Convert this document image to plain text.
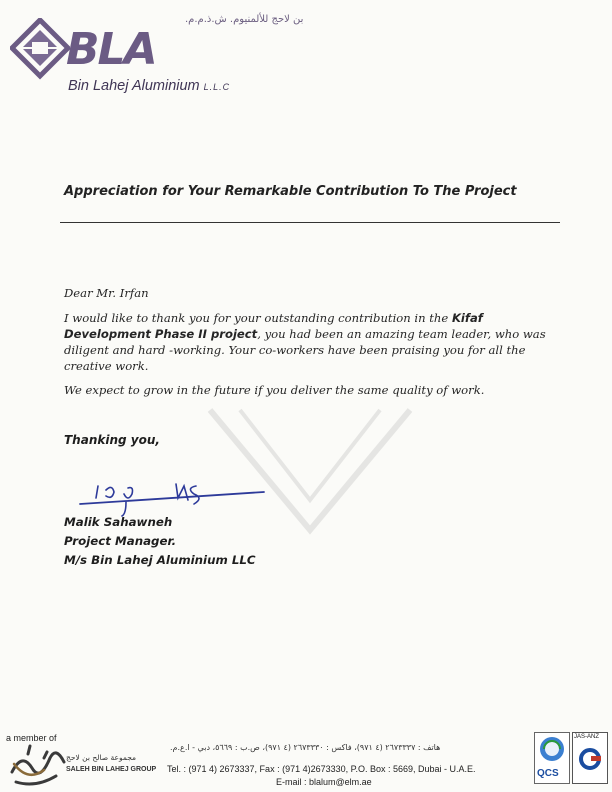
بن لاحج للألمنيوم. ش.ذ.م.م.
BLA
Bin Lahej Aluminium L.L.C
Appreciation for Your Remarkable Contribution To The Project
Dear Mr. Irfan
I would like to thank you for your outstanding contribution in the Kifaf Development Phase II project, you had been an amazing team leader, who was diligent and hard -working. Your co-workers have been praising you for all the creative work.
We expect to grow in the future if you deliver the same quality of work.
Thanking you,
Malik Sahawneh
Project Manager.
M/s Bin Lahej Aluminium LLC
a member of
مجموعة صالح بن لاحج
SALEH BIN LAHEJ GROUP
هاتف : ٢٦٧٣٣٣٧ (٤ ٩٧١)، فاكس : ٢٦٧٣٣٣٠ (٤ ٩٧١)، ص.ب : ٥٦٦٩، دبي - ا.ع.م.
Tel. : (971 4) 2673337, Fax : (971 4)2673330, P.O. Box : 5669, Dubai - U.A.E.
E-mail : blalum@elm.ae
QCS
JAS-ANZ
